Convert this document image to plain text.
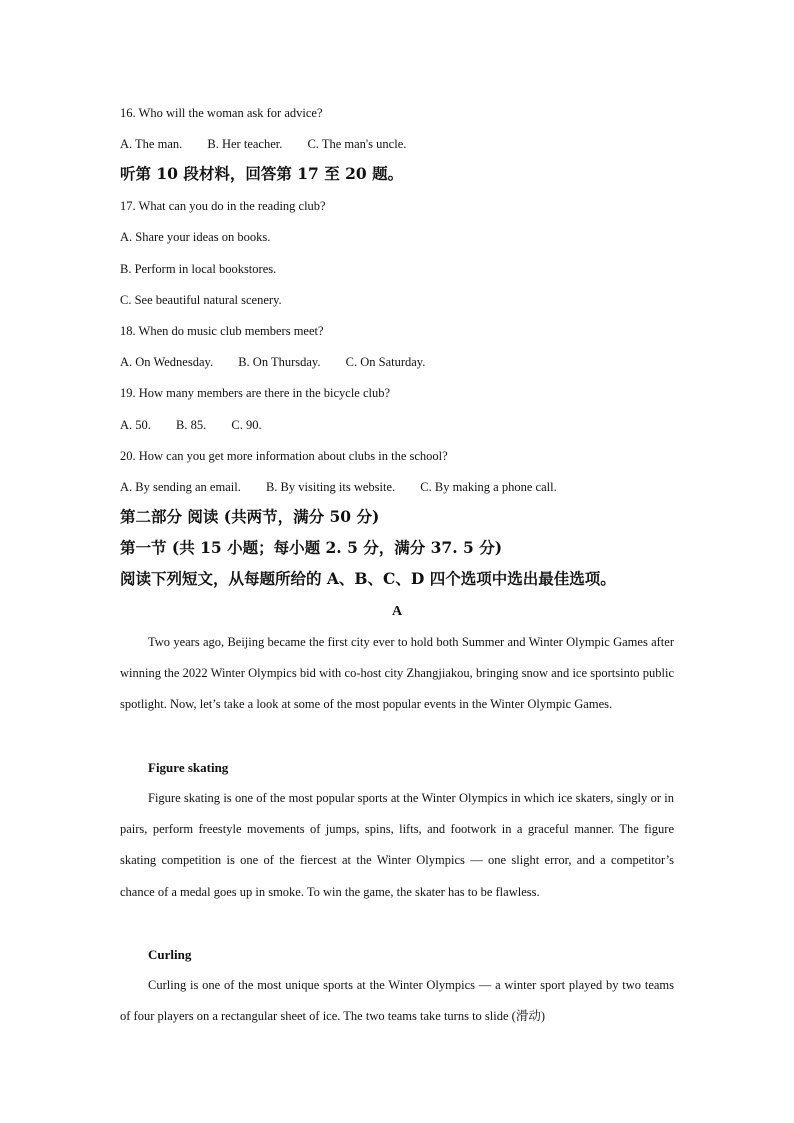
16. Who will the woman ask for advice?
A. The man. B. Her teacher. C. The man's uncle.
听第 10 段材料，回答第 17 至 20 题。
17. What can you do in the reading club?
A. Share your ideas on books.
B. Perform in local bookstores.
C. See beautiful natural scenery.
18. When do music club members meet?
A. On Wednesday. B. On Thursday. C. On Saturday.
19. How many members are there in the bicycle club?
A. 50. B. 85. C. 90.
20. How can you get more information about clubs in the school?
A. By sending an email. B. By visiting its website. C. By making a phone call.
第二部分 阅读 (共两节，满分 50 分)
第一节 (共 15 小题；每小题 2. 5 分，满分 37. 5 分)
阅读下列短文，从每题所给的 A、B、C、D 四个选项中选出最佳选项。
A
Two years ago, Beijing became the first city ever to hold both Summer and Winter Olympic Games after winning the 2022 Winter Olympics bid with co-host city Zhangjiakou, bringing snow and ice sportsinto public spotlight. Now, let’s take a look at some of the most popular events in the Winter Olympic Games.
Figure skating
Figure skating is one of the most popular sports at the Winter Olympics in which ice skaters, singly or in pairs, perform freestyle movements of jumps, spins, lifts, and footwork in a graceful manner. The figure skating competition is one of the fiercest at the Winter Olympics — one slight error, and a competitor’s chance of a medal goes up in smoke. To win the game, the skater has to be flawless.
Curling
Curling is one of the most unique sports at the Winter Olympics — a winter sport played by two teams of four players on a rectangular sheet of ice. The two teams take turns to slide (滑动)
